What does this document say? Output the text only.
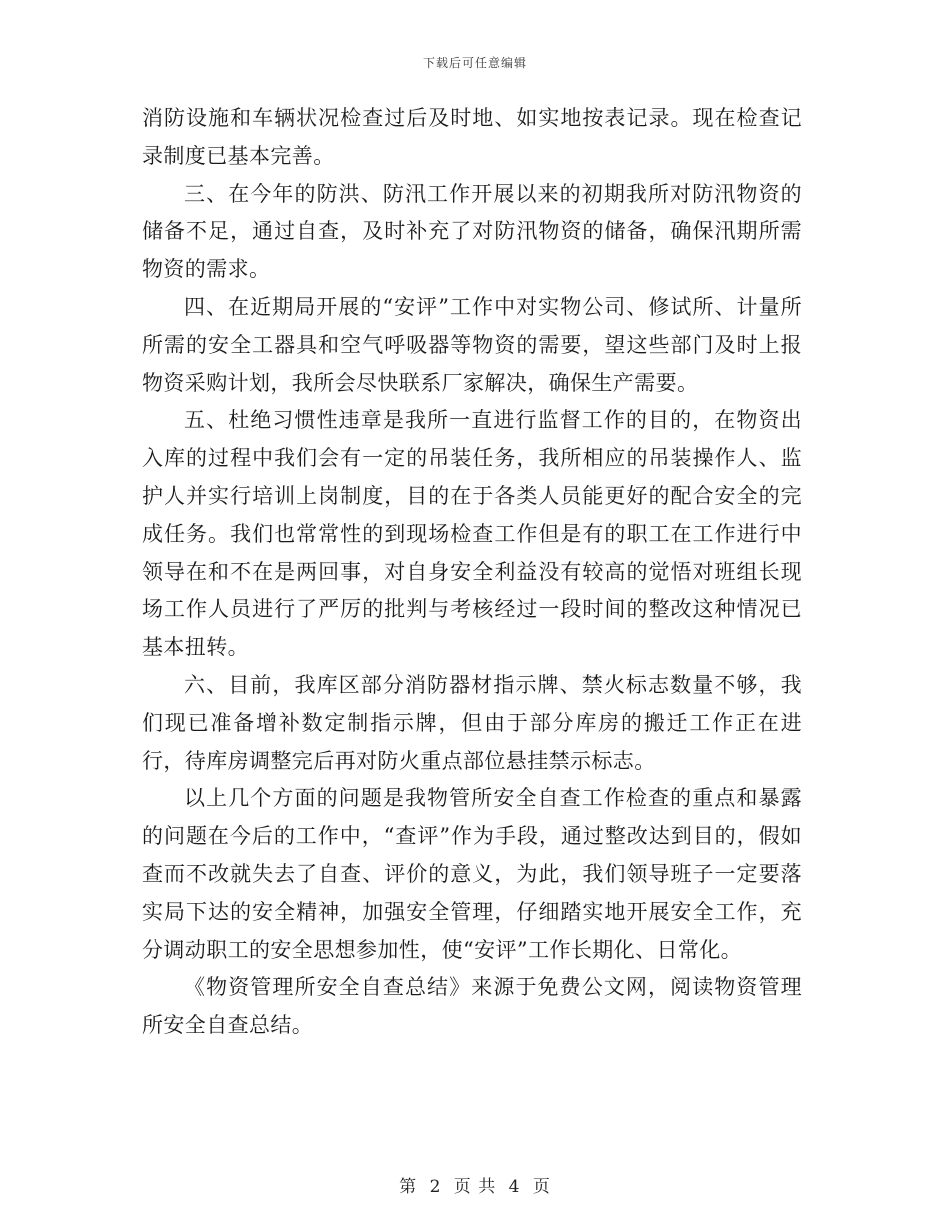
下载后可任意编辑

消防设施和车辆状况检查过后及时地、如实地按表记录。现在检查记录制度已基本完善。

三、在今年的防洪、防汛工作开展以来的初期我所对防汛物资的储备不足，通过自查，及时补充了对防汛物资的储备，确保汛期所需物资的需求。

四、在近期局开展的“安评”工作中对实物公司、修试所、计量所所需的安全工器具和空气呼吸器等物资的需要，望这些部门及时上报物资采购计划，我所会尽快联系厂家解决，确保生产需要。

五、杜绝习惯性违章是我所一直进行监督工作的目的，在物资出入库的过程中我们会有一定的吊装任务，我所相应的吊装操作人、监护人并实行培训上岗制度，目的在于各类人员能更好的配合安全的完成任务。我们也常常性的到现场检查工作但是有的职工在工作进行中领导在和不在是两回事，对自身安全利益没有较高的觉悟对班组长现场工作人员进行了严厉的批判与考核经过一段时间的整改这种情况已基本扭转。

六、目前，我库区部分消防器材指示牌、禁火标志数量不够，我们现已准备增补数定制指示牌，但由于部分库房的搬迁工作正在进行，待库房调整完后再对防火重点部位悬挂禁示标志。

以上几个方面的问题是我物管所安全自查工作检查的重点和暴露的问题在今后的工作中，“查评”作为手段，通过整改达到目的，假如查而不改就失去了自查、评价的意义，为此，我们领导班子一定要落实局下达的安全精神，加强安全管理，仔细踏实地开展安全工作，充分调动职工的安全思想参加性，使“安评”工作长期化、日常化。

《物资管理所安全自查总结》来源于免费公文网，阅读物资管理所安全自查总结。

第 2 页 共 4 页
